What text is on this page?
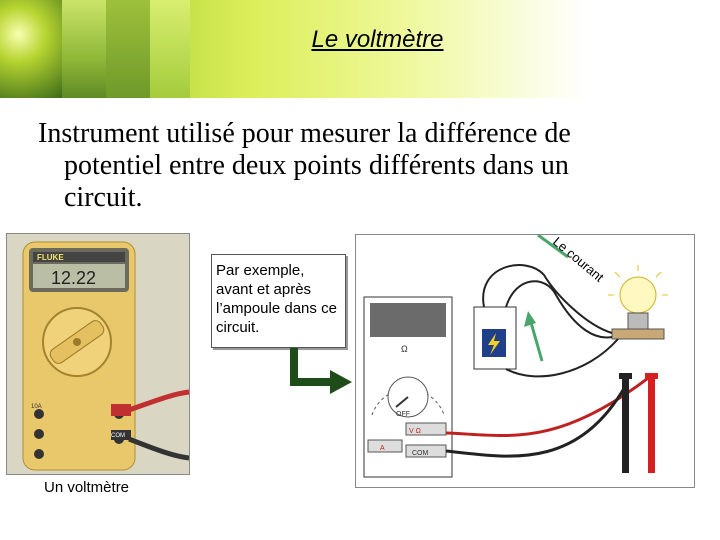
Le voltmètre
Instrument utilisé pour mesurer la différence de
potentiel entre deux points différents dans un
circuit.
FLUKE
12.22
10A
COM
Un voltmètre
Par exemple, avant et après l’ampoule dans ce circuit.
Ω
OFF
V Ω
A
COM
Le courant
